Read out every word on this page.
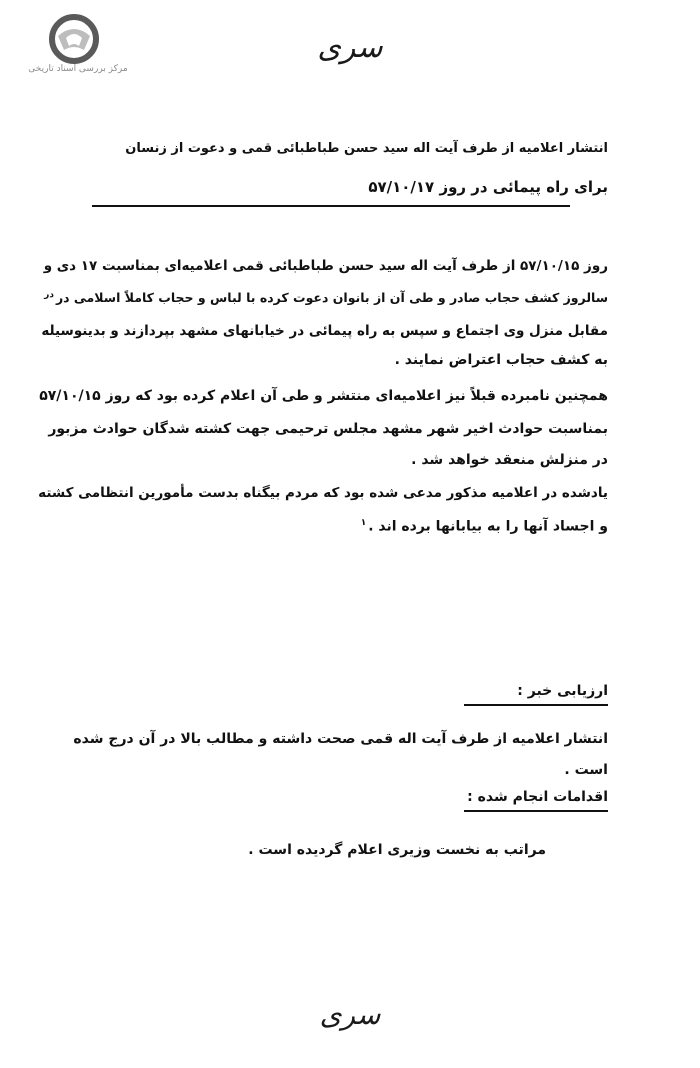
مرکز بررسی اسناد تاریخی
سری
انتشار اعلامیه از طرف آیت اله سید حسن طباطبائی قمی و دعوت از زنسان
برای راه پیمائی در روز ۵۷/۱۰/۱۷
روز ۵۷/۱۰/۱۵ از طرف آیت اله سید حسن طباطبائی قمی اعلامیه‌ای بمناسبت ۱۷ دی و
سالروز کشف حجاب صادر و طی آن از بانوان دعوت کرده با لباس و حجاب کاملاً اسلامی در$^{در}$
مقابل منزل وی اجتماع و سپس به راه پیمائی در خیابانهای مشهد بپردازند و بدینوسیله
به کشف حجاب اعتراض نمایند .
همچنین نامبرده قبلاً نیز اعلامیه‌ای منتشر و طی آن اعلام کرده بود که روز ۵۷/۱۰/۱۵
بمناسبت حوادث اخیر شهر مشهد مجلس ترحیمی جهت کشته شدگان حوادث مزبور
در منزلش منعقد خواهد شد .
یادشده در اعلامیه مذکور مدعی شده بود که مردم بیگناه بدست مأمورین انتظامی کشته
و اجساد آنها را به بیابانها برده اند .$^۱$
ارزیابی خبر :
انتشار اعلامیه از طرف آیت اله قمی صحت داشته و مطالب بالا در آن درج شده
است .
اقدامات انجام شده :
مراتب به نخست وزیری اعلام گردیده است .
سری
